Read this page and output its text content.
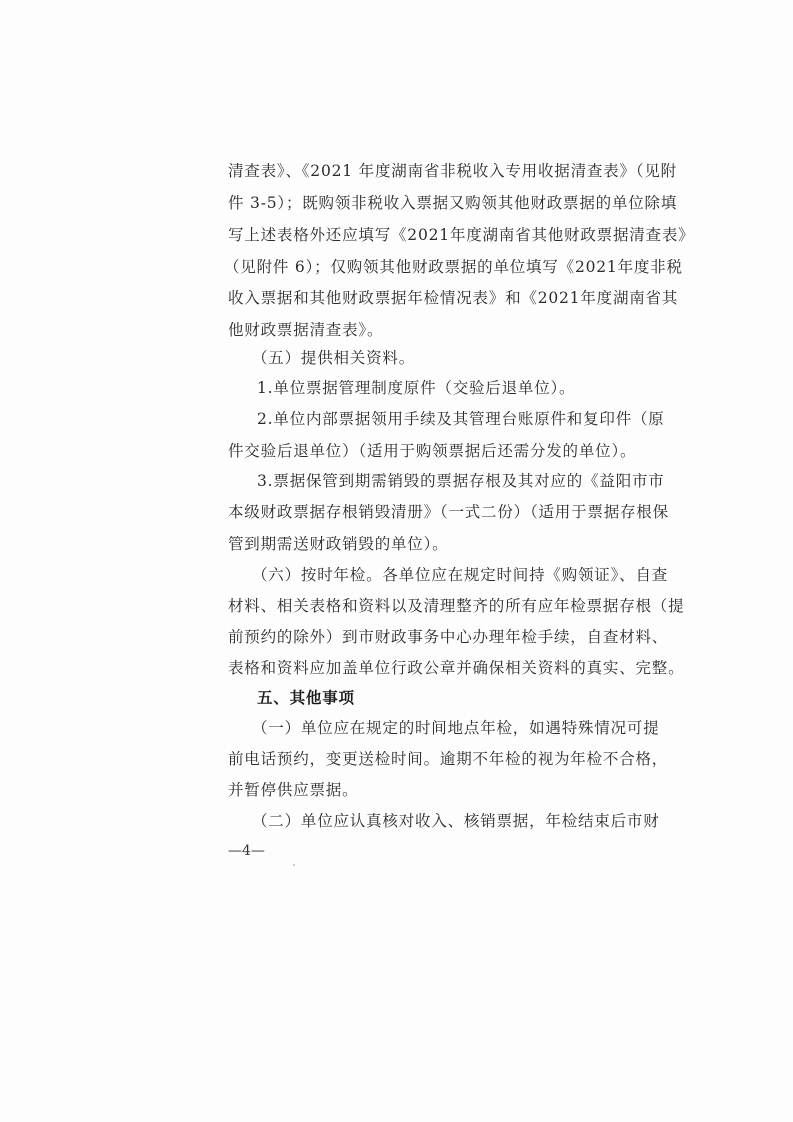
清查表》、《2021 年度湖南省非税收入专用收据清查表》（见附
件 3-5）；既购领非税收入票据又购领其他财政票据的单位除填
写上述表格外还应填写《2021年度湖南省其他财政票据清查表》
（见附件 6）；仅购领其他财政票据的单位填写《2021年度非税
收入票据和其他财政票据年检情况表》和《2021年度湖南省其
他财政票据清查表》。
（五）提供相关资料。
1.单位票据管理制度原件（交验后退单位）。
2.单位内部票据领用手续及其管理台账原件和复印件（原
件交验后退单位）（适用于购领票据后还需分发的单位）。
3.票据保管到期需销毁的票据存根及其对应的《益阳市市
本级财政票据存根销毁清册》（一式二份）（适用于票据存根保
管到期需送财政销毁的单位）。
（六）按时年检。各单位应在规定时间持《购领证》、自查
材料、相关表格和资料以及清理整齐的所有应年检票据存根（提
前预约的除外）到市财政事务中心办理年检手续，自查材料、
表格和资料应加盖单位行政公章并确保相关资料的真实、完整。
五、其他事项
（一）单位应在规定的时间地点年检，如遇特殊情况可提
前电话预约，变更送检时间。逾期不年检的视为年检不合格，
并暂停供应票据。
（二）单位应认真核对收入、核销票据，年检结束后市财
—4—
